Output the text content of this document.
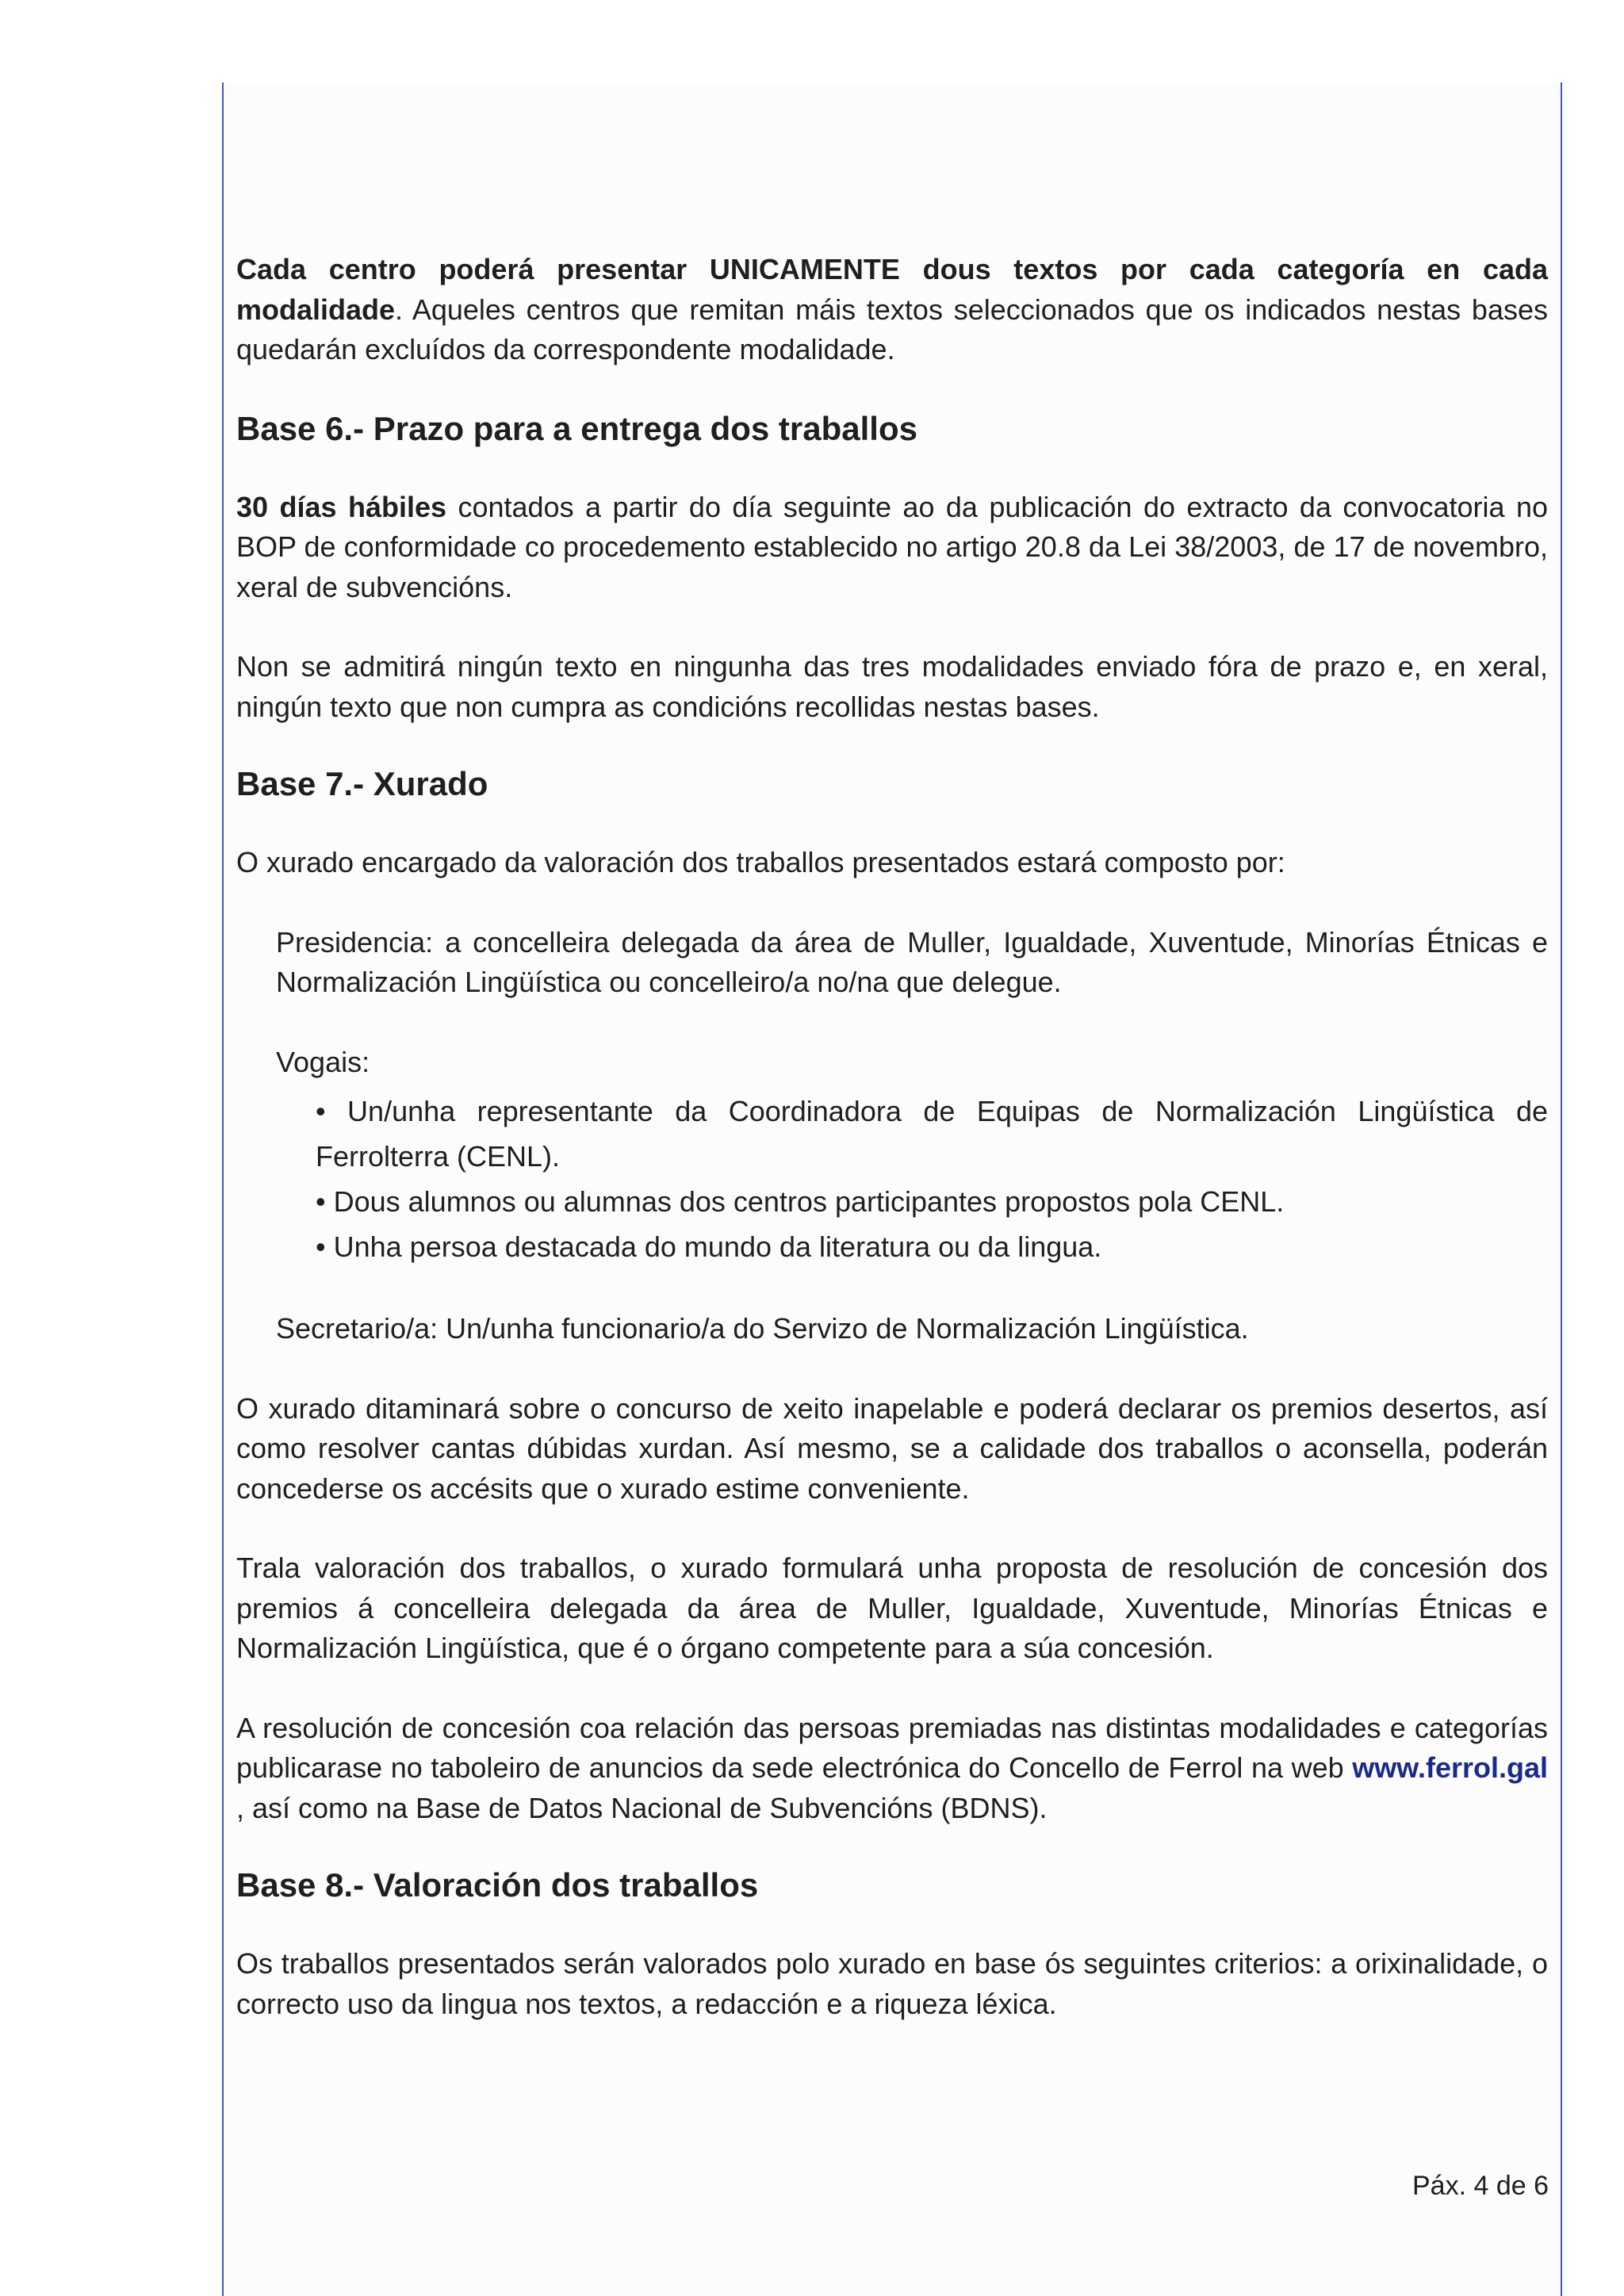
Cada centro poderá presentar UNICAMENTE dous textos por cada categoría en cada modalidade. Aqueles centros que remitan máis textos seleccionados que os indicados nestas bases quedarán excluídos da correspondente modalidade.

Base 6.- Prazo para a entrega dos traballos

30 días hábiles contados a partir do día seguinte ao da publicación do extracto da convocatoria no BOP de conformidade co procedemento establecido no artigo 20.8 da Lei 38/2003, de 17 de novembro, xeral de subvencións.

Non se admitirá ningún texto en ningunha das tres modalidades enviado fóra de prazo e, en xeral, ningún texto que non cumpra as condicións recollidas nestas bases.

Base 7.- Xurado

O xurado encargado da valoración dos traballos presentados estará composto por:

Presidencia: a concelleira delegada da área de Muller, Igualdade, Xuventude, Minorías Étnicas e Normalización Lingüística ou concelleiro/a no/na que delegue.

Vogais:

• Un/unha representante da Coordinadora de Equipas de Normalización Lingüística de Ferrolterra (CENL).
• Dous alumnos ou alumnas dos centros participantes propostos pola CENL.
• Unha persoa destacada do mundo da literatura ou da lingua.

Secretario/a: Un/unha funcionario/a do Servizo de Normalización Lingüística.

O xurado ditaminará sobre o concurso de xeito inapelable e poderá declarar os premios desertos, así como resolver cantas dúbidas xurdan. Así mesmo, se a calidade dos traballos o aconsella, poderán concederse os accésits que o xurado estime conveniente.

Trala valoración dos traballos, o xurado formulará unha proposta de resolución de concesión dos premios á concelleira delegada da área de Muller, Igualdade, Xuventude, Minorías Étnicas e Normalización Lingüística, que é o órgano competente para a súa concesión.

A resolución de concesión coa relación das persoas premiadas nas distintas modalidades e categorías publicarase no taboleiro de anuncios da sede electrónica do Concello de Ferrol na web www.ferrol.gal , así como na Base de Datos Nacional de Subvencións (BDNS).

Base 8.- Valoración dos traballos

Os traballos presentados serán valorados polo xurado en base ós seguintes criterios: a orixinalidade, o correcto uso da lingua nos textos, a redacción e a riqueza léxica.

Páx. 4 de 6
